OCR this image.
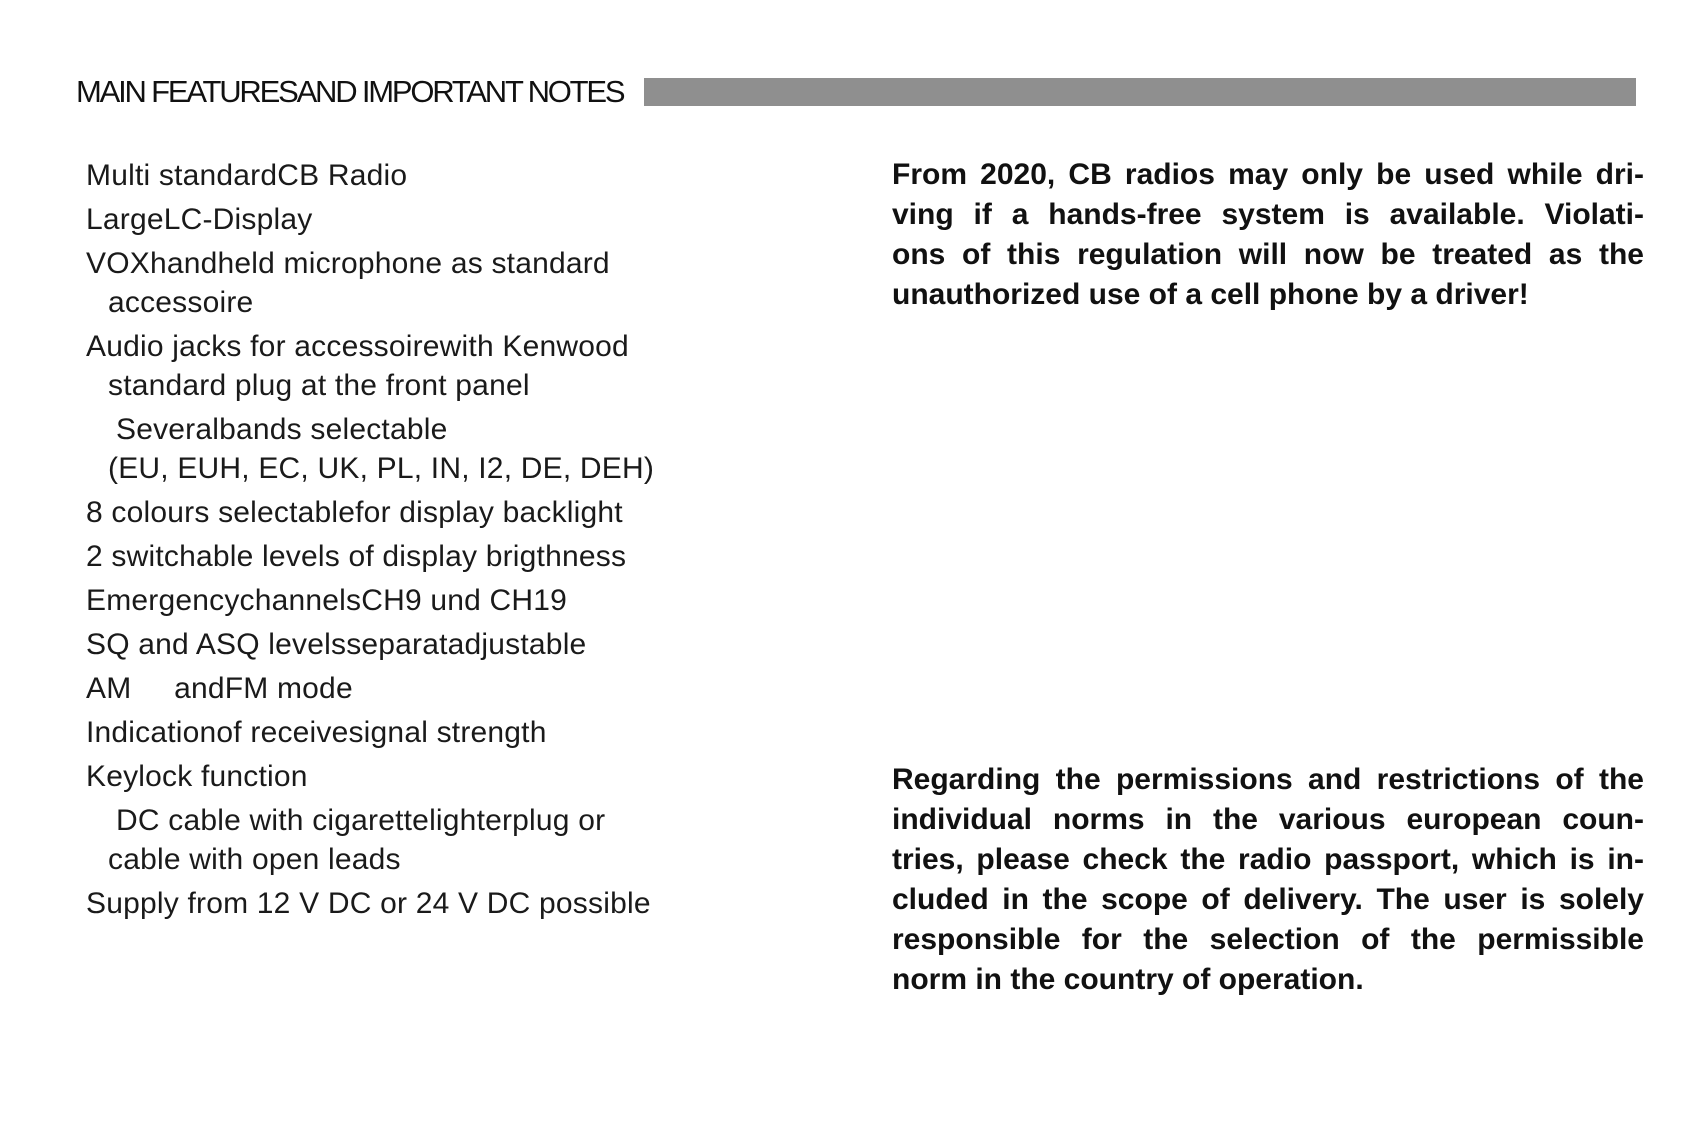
MAIN FEATURESAND IMPORTANT NOTES
Multi standardCB Radio
LargeLC-Display
VOXhandheld microphone as standard
accessoire
Audio jacks for accessoirewith Kenwood
standard plug at the front panel
Severalbands selectable
(EU, EUH, EC, UK, PL, IN, I2, DE, DEH)
8 colours selectablefor display backlight
2 switchable levels of display brigthness
EmergencychannelsCH9 und CH19
SQ and ASQ levelsseparatadjustable
AM     andFM mode
Indicationof receivesignal strength
Keylock function
DC cable with cigarettelighterplug or
cable with open leads
Supply from 12 V DC or 24 V DC possible
From 2020, CB radios may only be used while dri-
ving if a hands-free system is available. Violati-
ons of this regulation will now be treated as the
unauthorized use of a cell phone by a driver!
Regarding the permissions and restrictions of the
individual norms in the various european coun-
tries, please check the radio passport, which is in-
cluded in the scope of delivery. The user is solely
responsible for the selection of the permissible
norm in the country of operation.
